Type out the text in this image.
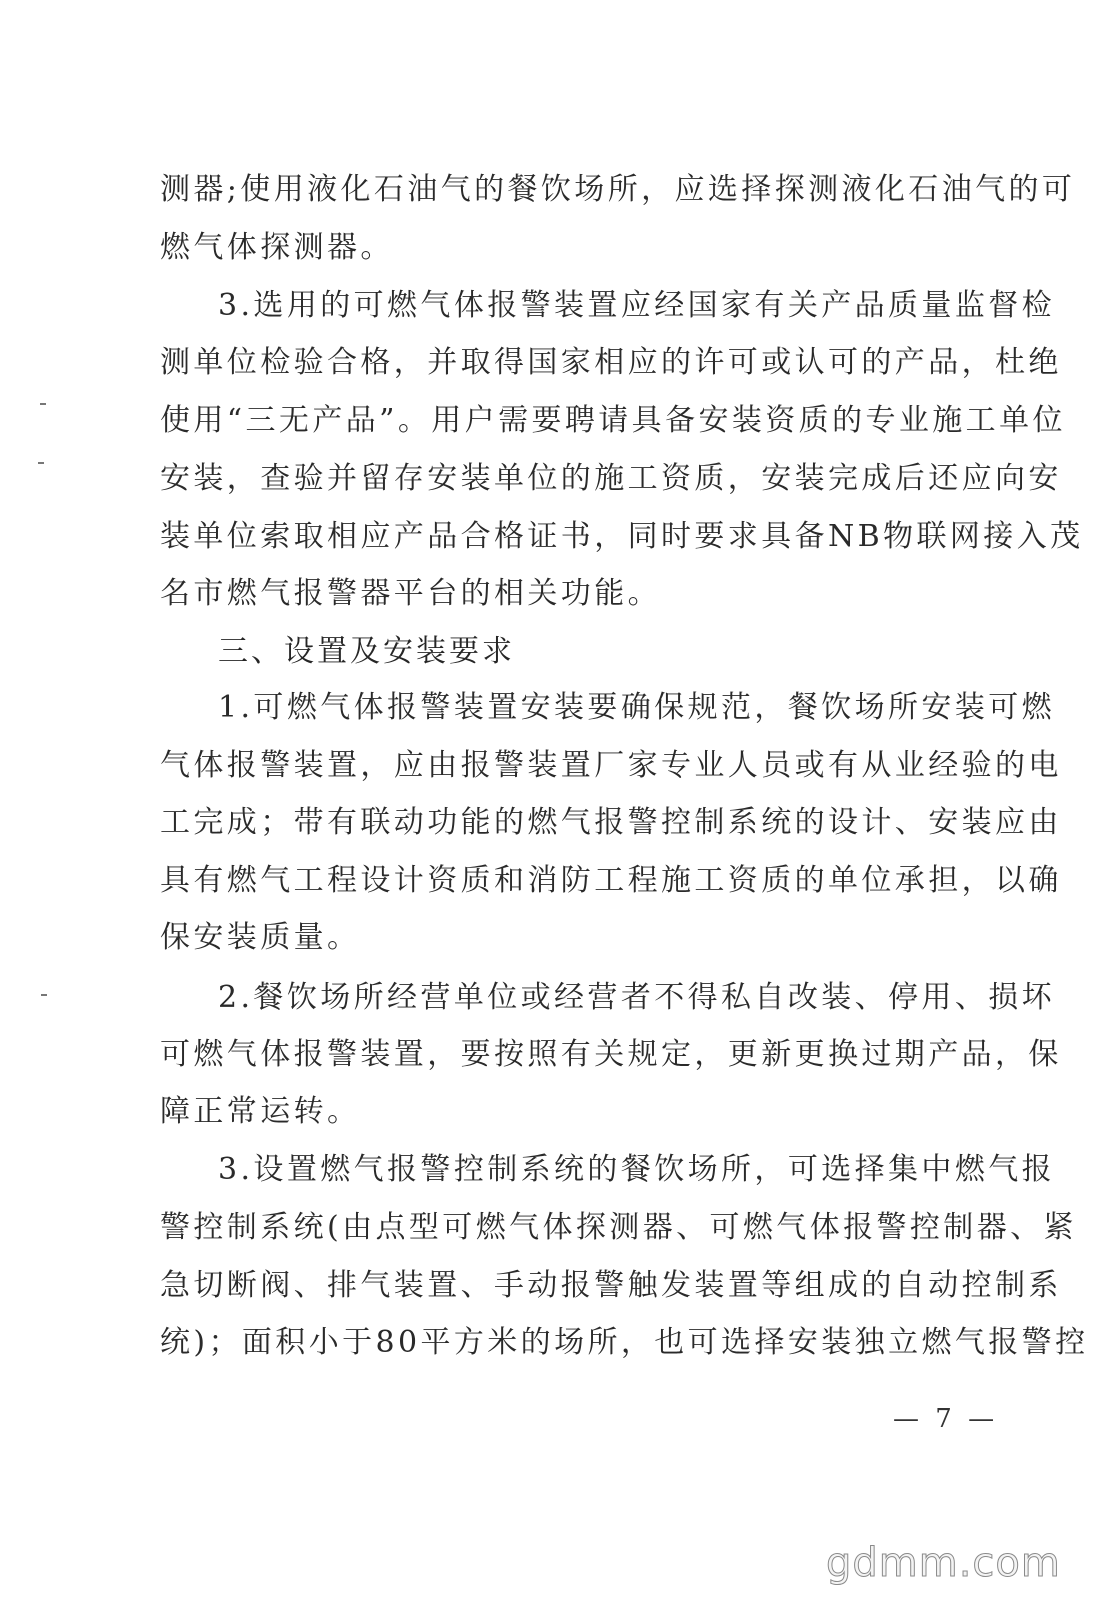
测器;使用液化石油气的餐饮场所，应选择探测液化石油气的可
燃气体探测器。
3.选用的可燃气体报警装置应经国家有关产品质量监督检
测单位检验合格，并取得国家相应的许可或认可的产品，杜绝
使用“三无产品”。用户需要聘请具备安装资质的专业施工单位
安装，查验并留存安装单位的施工资质，安装完成后还应向安
装单位索取相应产品合格证书，同时要求具备NB物联网接入茂
名市燃气报警器平台的相关功能。
三、设置及安装要求
1.可燃气体报警装置安装要确保规范，餐饮场所安装可燃
气体报警装置，应由报警装置厂家专业人员或有从业经验的电
工完成；带有联动功能的燃气报警控制系统的设计、安装应由
具有燃气工程设计资质和消防工程施工资质的单位承担，以确
保安装质量。
2.餐饮场所经营单位或经营者不得私自改装、停用、损坏
可燃气体报警装置，要按照有关规定，更新更换过期产品，保
障正常运转。
3.设置燃气报警控制系统的餐饮场所，可选择集中燃气报
警控制系统(由点型可燃气体探测器、可燃气体报警控制器、紧
急切断阀、排气装置、手动报警触发装置等组成的自动控制系
统)；面积小于80平方米的场所，也可选择安装独立燃气报警控
— 7 —
gdmm.com
